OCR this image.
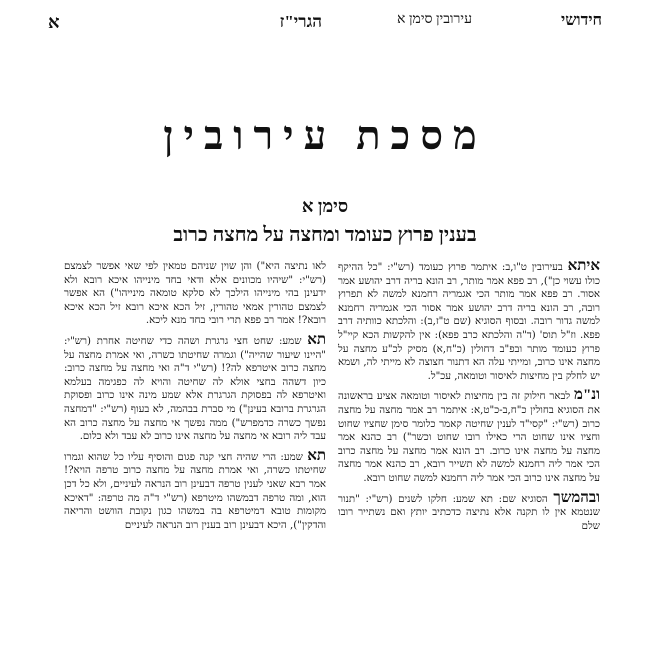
חידושי
עירובין סימן א
הגרי"ז
א
מסכת עירובין
סימן א
בענין פרוץ כעומד ומחצה על מחצה כרוב

איתא בעירובין ט"ו,ב: איתמר פרוץ כעומד (רש"י: "כל ההיקף כולו עשוי כן"), רב פפא אמר מותר, רב הונא בריה דרב יהושע אמר אסור. רב פפא אמר מותר הכי אגמריה רחמנא למשה לא תפרוץ רובה, רב הונא בריה דרב יהושע אמר אסור הכי אגמריה רחמנא למשה גדור רובה. ובסוף הסוגיא (שם ט"ז,ב): והלכתא כוותיה דרב פפא. וז"ל תוס' (ד"ה והלכתא כרב פפא): אין להקשות הכא קיי"ל פרוץ כעומד מותר ובפ"ב דחולין (כ"ח,א) מסיק לכ"ע מחצה על מחצה אינו כרוב, ומייתי עלה הא דתנור חצוצה לא מייתי לה, ושמא יש לחלק בין מחיצות לאיסור וטומאה, עכ"ל.

ונ"מ לבאר חילוק זה בין מחיצות לאיסור וטומאה אציע בראשונה את הסוגיא בחולין כ"ח,ב-כ"ט,א: איתמר רב אמר מחצה על מחצה כרוב (רש"י: "קסי"ד לענין שחיטה קאמר כלומר סימן שחציו שחוט וחציו אינו שחוט הרי כאילו רובו שחוט וכשר") רב כהנא אמר מחצה על מחצה אינו כרוב. רב הונא אמר מחצה על מחצה כרוב הכי אמר ליה רחמנא למשה לא תשייר רובא, רב כהנא אמר מחצה על מחצה אינו כרוב הכי אמר ליה רחמנא למשה שחוט רובא.

ובהמשך הסוגיא שם: תא שמע: חלקו לשנים (רש"י: "תנור שנטמא אין לו תקנה אלא נתיצה כדכתיב יותץ ואם נשתייר רובו שלם

לאו נתיצה היא") והן שוין שניהם טמאין לפי שאי אפשר לצמצם (רש"י: "שיהיו מכוונים אלא ודאי בחד מינייהו איכא רובא ולא ידעינן בהי מינייהו הילכך לא סלקא טומאה מינייהו") הא אפשר לצמצם טהורין אמאי טהורין, זיל הכא איכא רובא זיל הכא איכא רובא?! אמר רב פפא תרי רובי בחד מנא ליכא.

תא שמע: שחט חצי גרגרת ושהה כדי שחיטה אחרת (רש"י: "היינו שיעור שהייה") וגמרה שחיטתו כשרה, ואי אמרת מחצה על מחצה כרוב איטרפא לה?! (רש"י ד"ה ואי מחצה על מחצה כרוב: כיון דשהה בחצי אולא לה שחיטה והויא לה כפגימה בעלמא ואיטרפא לה בפסוקת הגרגרת אלא שמע מינה אינו כרוב ופסוקת הגרגרת ברובא בעינן") מי סברת בבהמה, לא בעוף (רש"י: "דמחצה נפשך כשרה כדמפרש") ממה נפשך אי מחצה על מחצה כרוב הא עבד ליה רובא אי מחצה על מחצה אינו כרוב לא עבד ולא כלום.

תא שמע: הרי שהיה חצי קנה פגום והוסיף עליו כל שהוא וגמרו שחיטתו כשרה, ואי אמרת מחצה על מחצה כרוב טרפה הויא?! אמר רבא שאני לענין טרפה דבעינן רוב הנראה לעיניים, ולא כל דכן הוא, ומה טרפה דבמשהו מיטרפא (רש"י ד"ה מה טרפה: "דאיכא מקומות טובא דמיטרפא בה במשהו כגון נקובת הוושט והריאה והדקין"), היכא דבעינן רוב בענין רוב הנראה לעיניים
